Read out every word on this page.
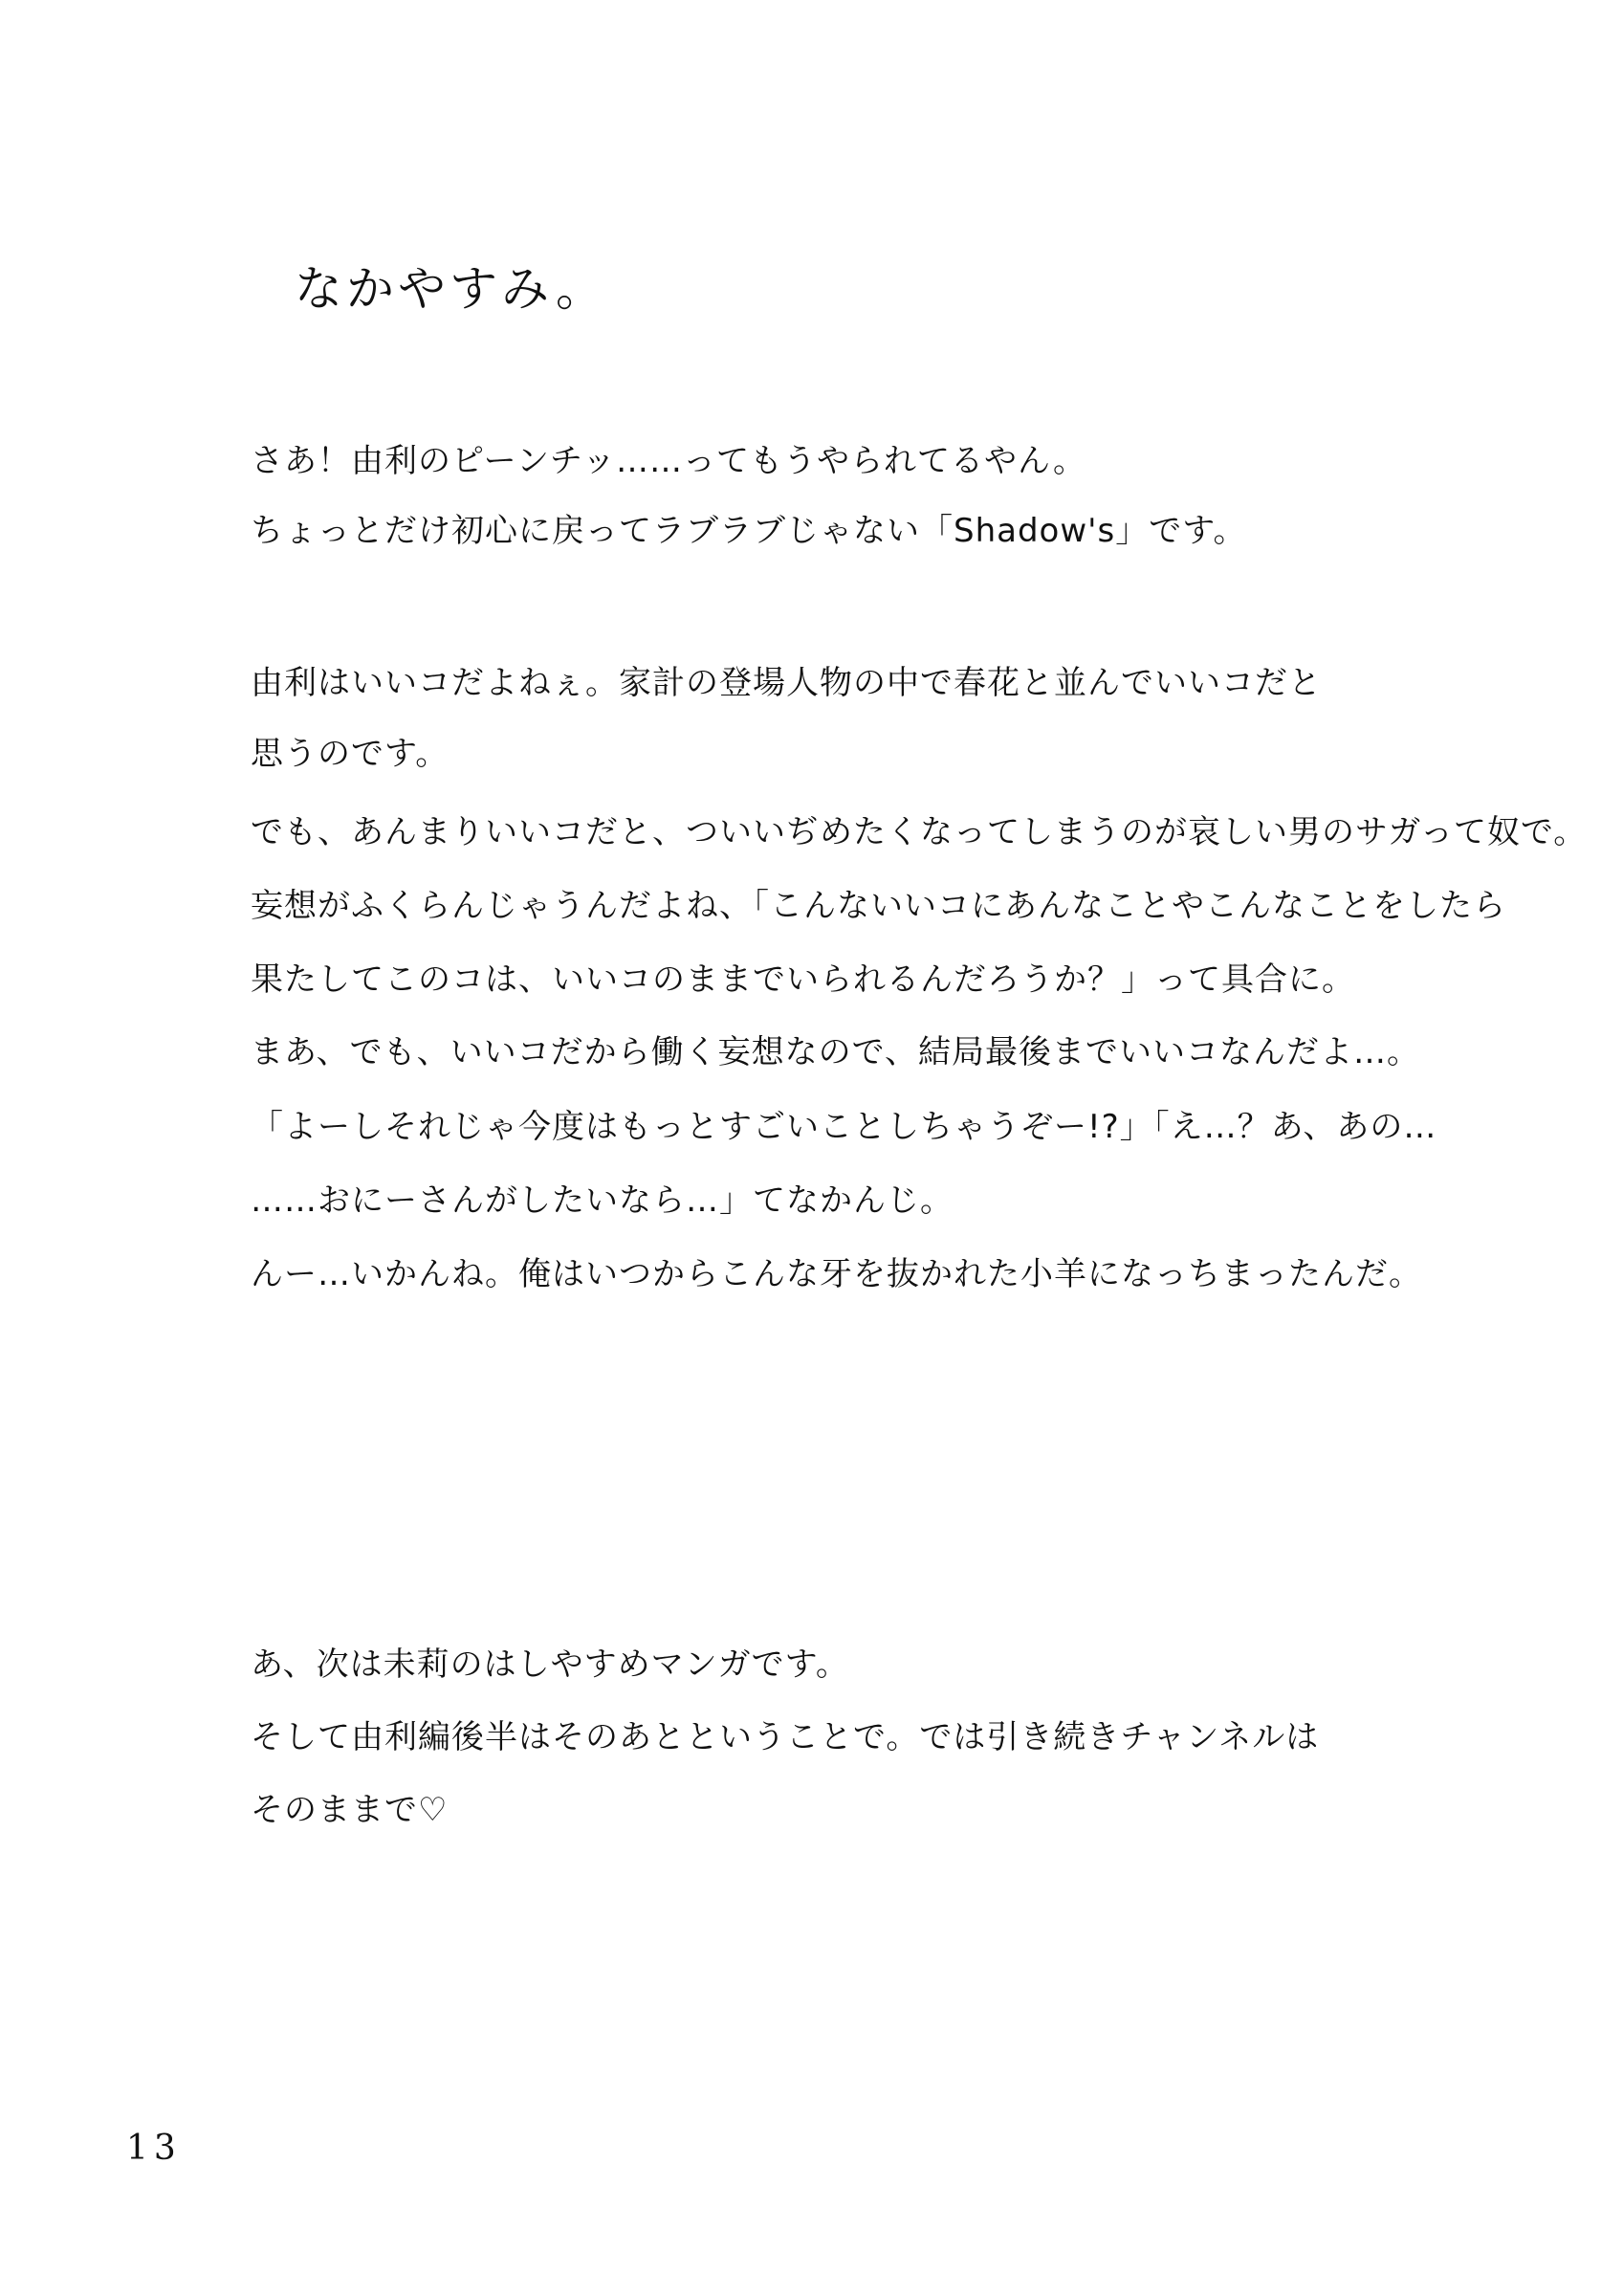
なかやすみ。
さあ！由利のピーンチッ……ってもうやられてるやん。
ちょっとだけ初心に戻ってラブラブじゃない「Shadow's」です。
由利はいいコだよねぇ。家計の登場人物の中で春花と並んでいいコだと
思うのです。
でも、あんまりいいコだと、ついいぢめたくなってしまうのが哀しい男のサガって奴で。
妄想がふくらんじゃうんだよね、「こんないいコにあんなことやこんなことをしたら
果たしてこのコは、いいコのままでいられるんだろうか？」って具合に。
まあ、でも、いいコだから働く妄想なので、結局最後までいいコなんだよ…。
「よーしそれじゃ今度はもっとすごいことしちゃうぞー!?」「え…？あ、あの…
……おにーさんがしたいなら…」てなかんじ。
んー…いかんね。俺はいつからこんな牙を抜かれた小羊になっちまったんだ。
あ、次は未莉のはしやすめマンガです。
そして由利編後半はそのあとということで。では引き続きチャンネルは
そのままで♡
13
